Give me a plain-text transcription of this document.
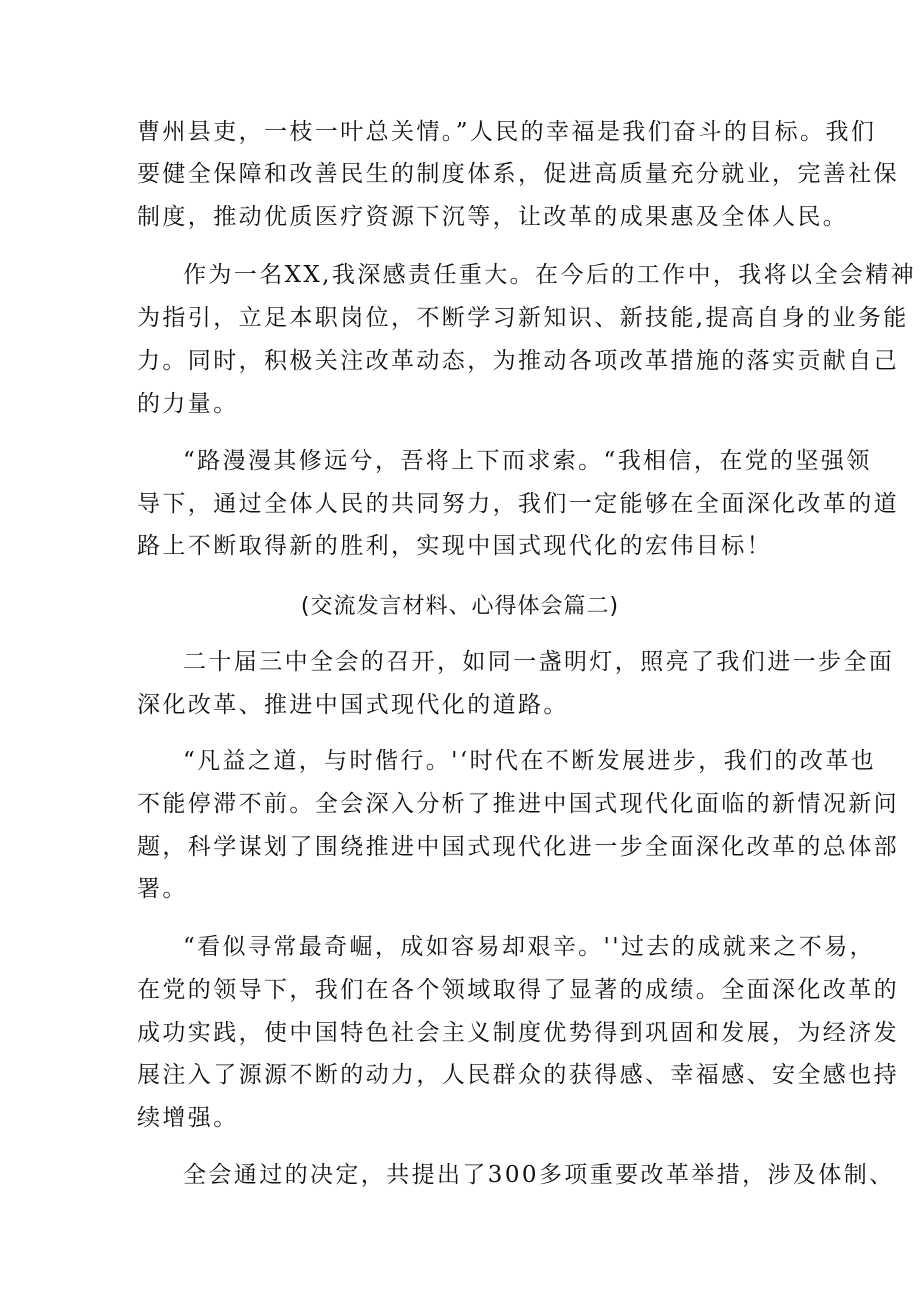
曹州县吏，一枝一叶总关情。”人民的幸福是我们奋斗的目标。我们
要健全保障和改善民生的制度体系，促进高质量充分就业，完善社保
制度，推动优质医疗资源下沉等，让改革的成果惠及全体人民。
作为一名XX,我深感责任重大。在今后的工作中，我将以全会精神
为指引，立足本职岗位，不断学习新知识、新技能,提高自身的业务能
力。同时，积极关注改革动态，为推动各项改革措施的落实贡献自己
的力量。
“路漫漫其修远兮，吾将上下而求索。“我相信，在党的坚强领
导下，通过全体人民的共同努力，我们一定能够在全面深化改革的道
路上不断取得新的胜利，实现中国式现代化的宏伟目标！
(交流发言材料、心得体会篇二)
二十届三中全会的召开，如同一盏明灯，照亮了我们进一步全面
深化改革、推进中国式现代化的道路。
“凡益之道，与时偕行。'‘时代在不断发展进步，我们的改革也
不能停滞不前。全会深入分析了推进中国式现代化面临的新情况新问
题，科学谋划了围绕推进中国式现代化进一步全面深化改革的总体部
署。
“看似寻常最奇崛，成如容易却艰辛。''过去的成就来之不易，
在党的领导下，我们在各个领域取得了显著的成绩。全面深化改革的
成功实践，使中国特色社会主义制度优势得到巩固和发展，为经济发
展注入了源源不断的动力，人民群众的获得感、幸福感、安全感也持
续增强。
全会通过的决定，共提出了300多项重要改革举措，涉及体制、
